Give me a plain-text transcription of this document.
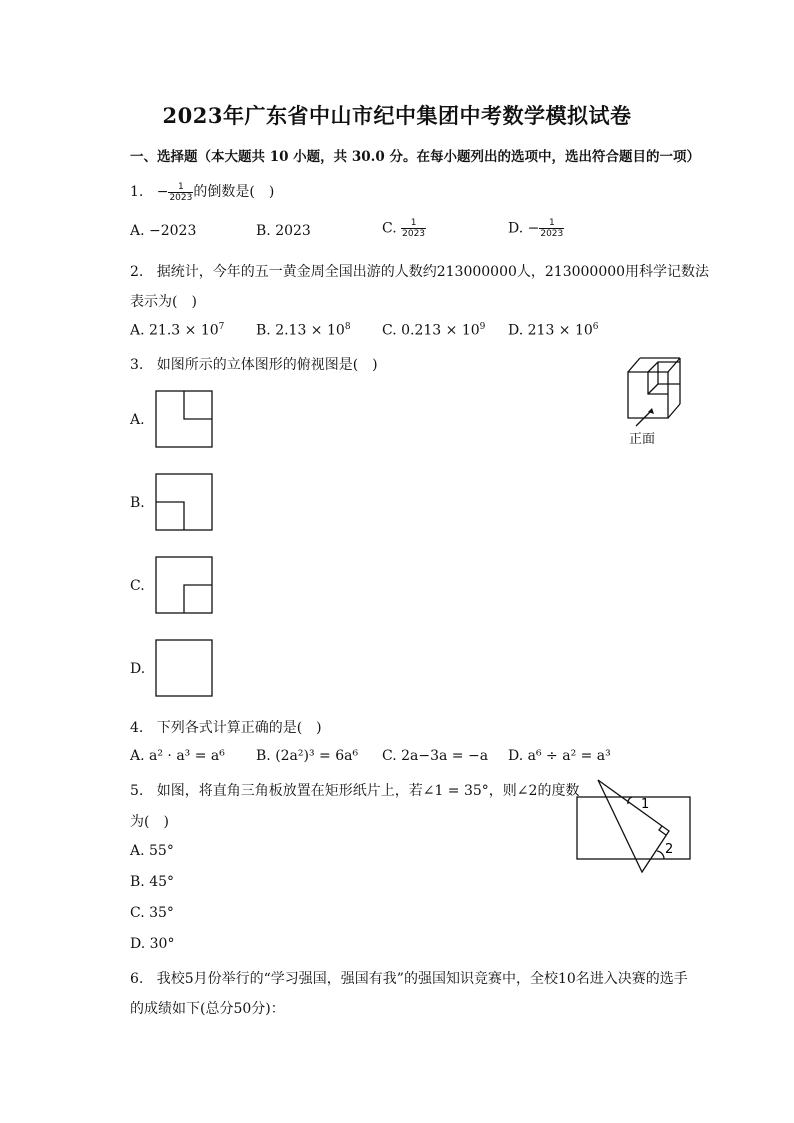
2023年广东省中山市纪中集团中考数学模拟试卷
一、选择题（本大题共 10 小题，共 30.0 分。在每小题列出的选项中，选出符合题目的一项）
1. − $\frac{1}{2023}$ 的倒数是(　)
A. −2023	B. 2023	C. $\frac{1}{2023}$	D. − $\frac{1}{2023}$
2. 据统计，今年的五一黄金周全国出游的人数约213000000人，213000000用科学记数法
表示为(　)
A. $21.3 \times 10^7$ B. $2.13 \times 10^8$ C. $0.213 \times 10^9$ D. $213 \times 10^6$
3. 如图所示的立体图形的俯视图是(　)
正面
A.
B.
C.
D.
4. 下列各式计算正确的是(　)
A. a² · a³ = a⁶ B. (2a²)³ = 6a⁶ C. 2a−3a = −a D. a⁶ ÷ a² = a³
5. 如图，将直角三角板放置在矩形纸片上，若∠1 = 35°，则∠2的度数
为(　)
1
2
A. 55°
B. 45°
C. 35°
D. 30°
6. 我校5月份举行的“学习强国，强国有我”的强国知识竞赛中，全校10名进入决赛的选手
的成绩如下(总分50分)：
